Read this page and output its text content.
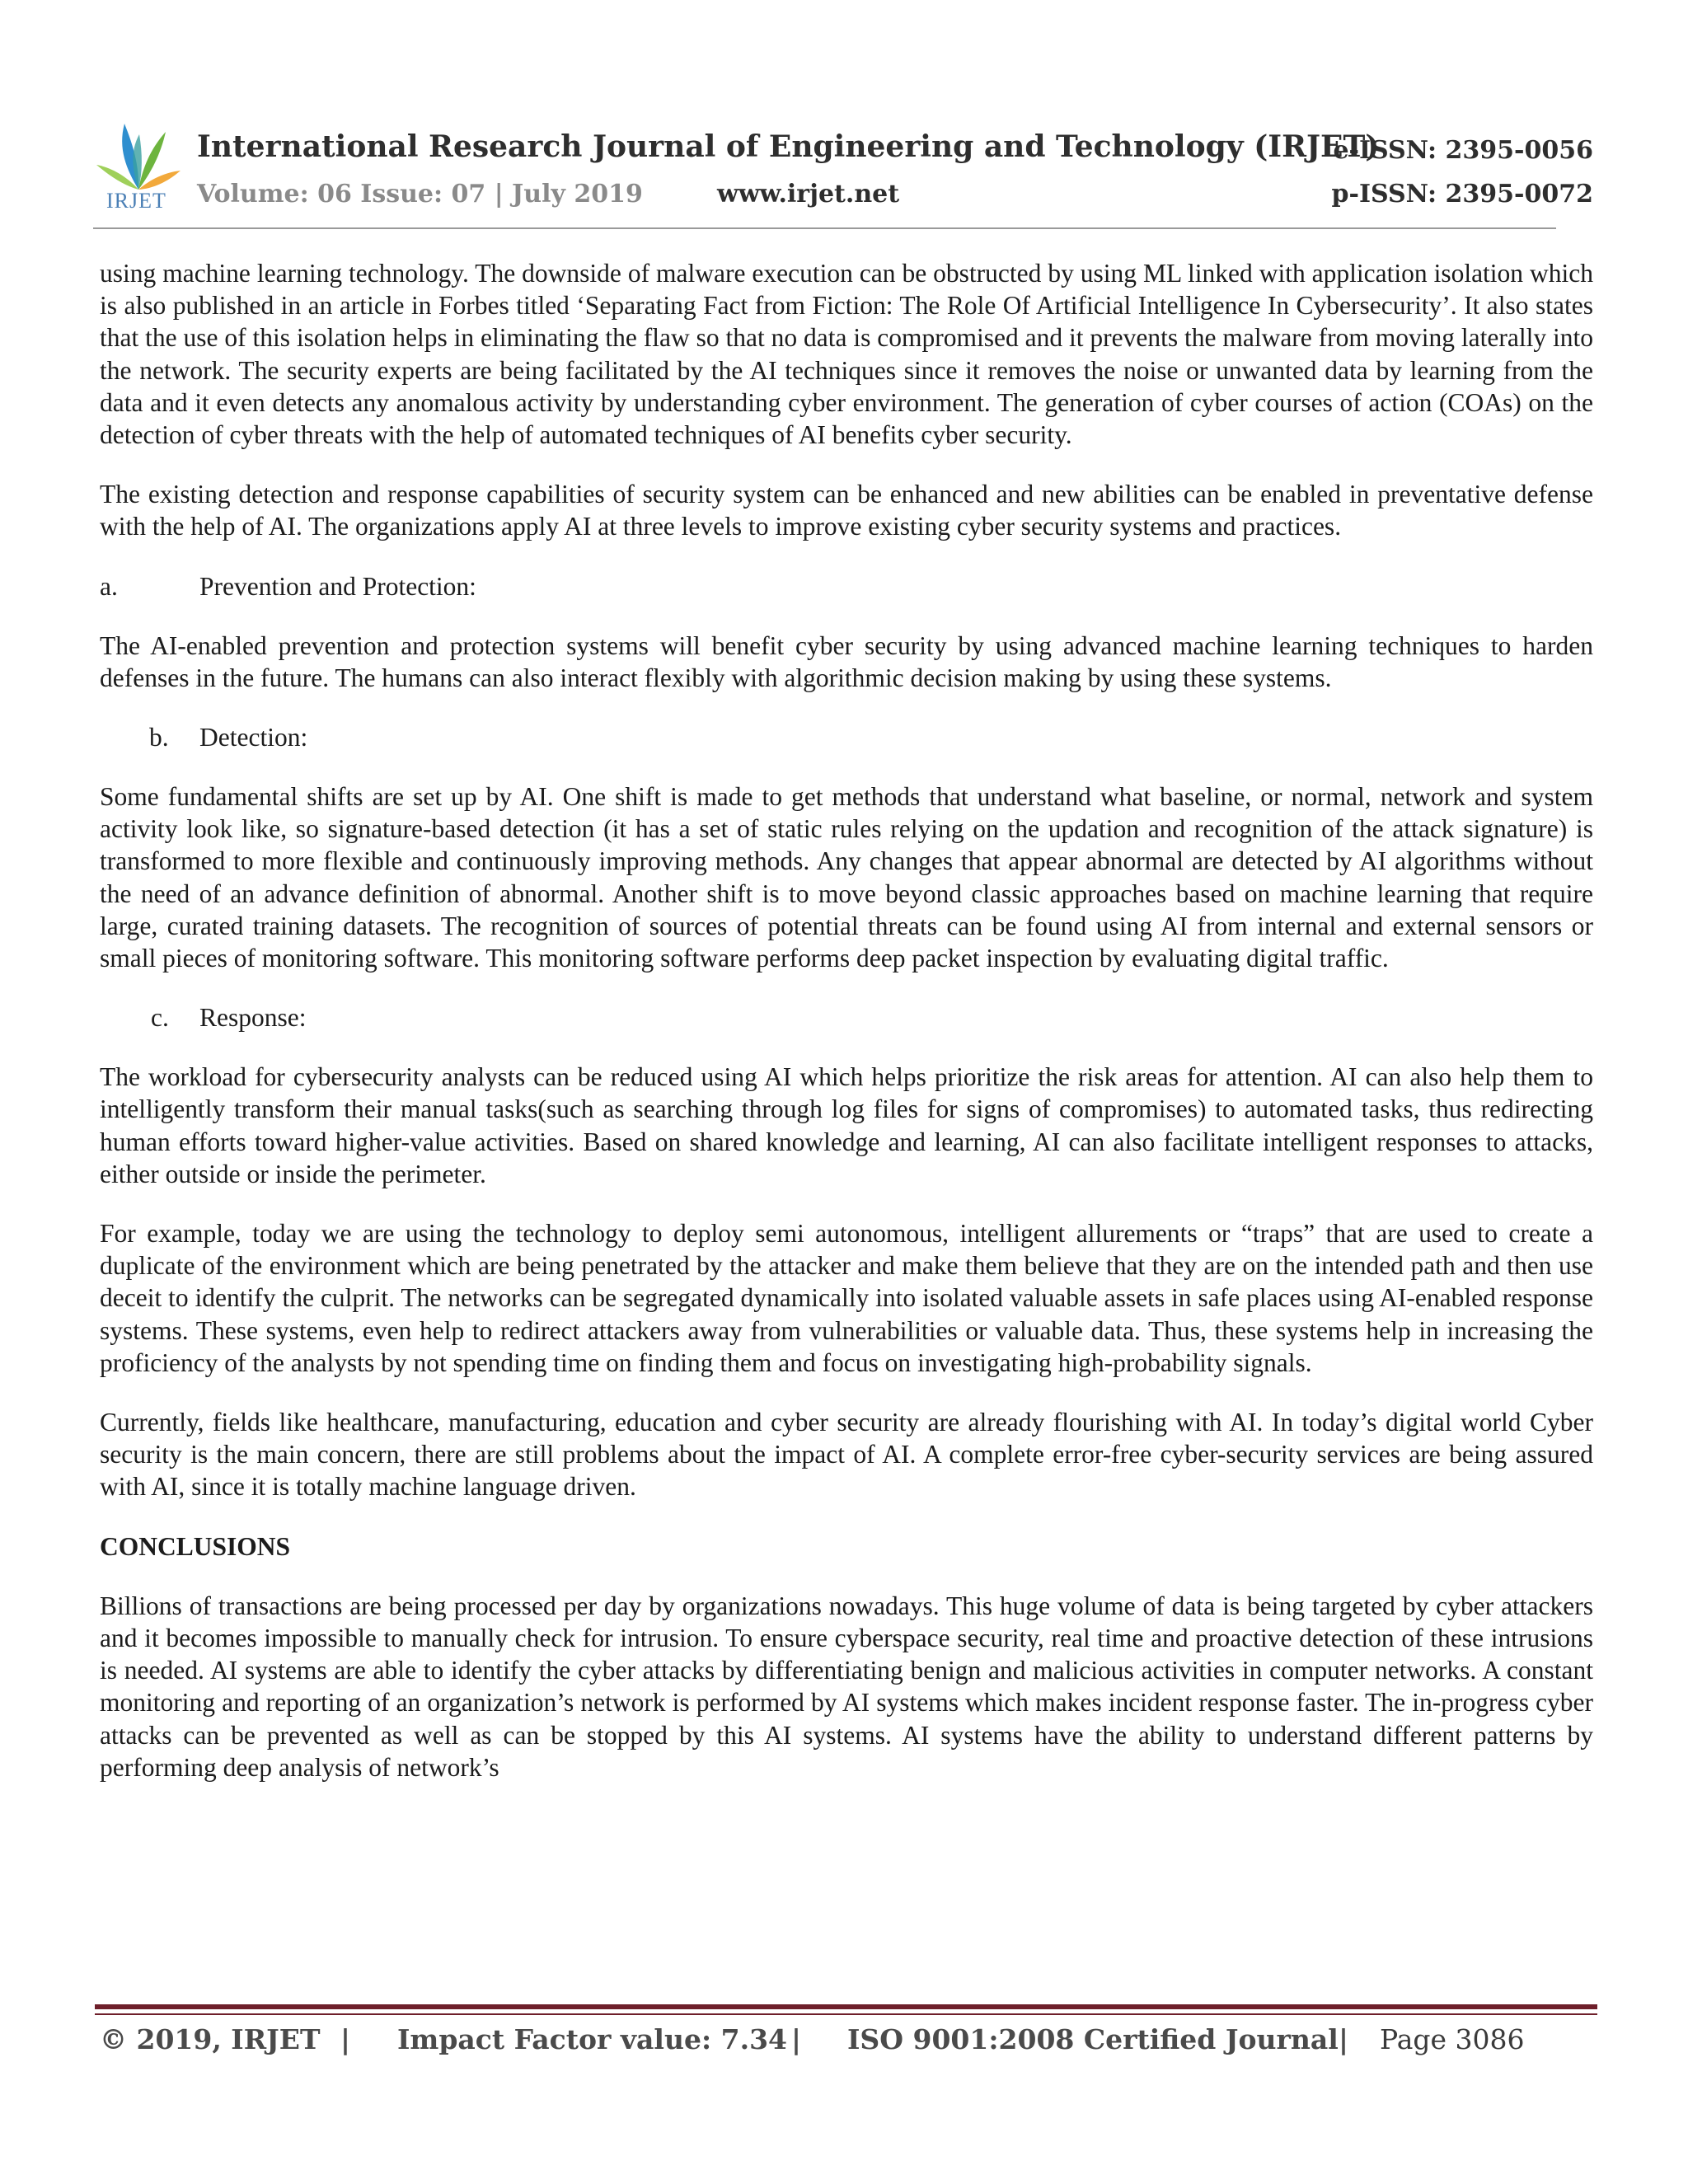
IRJET
International Research Journal of Engineering and Technology (IRJET)
Volume: 06 Issue: 07 | July 2019	www.irjet.net
e-ISSN: 2395-0056
p-ISSN: 2395-0072

using machine learning technology. The downside of malware execution can be obstructed by using ML linked with application isolation which is also published in an article in Forbes titled ‘Separating Fact from Fiction: The Role Of Artificial Intelligence In Cybersecurity’. It also states that the use of this isolation helps in eliminating the flaw so that no data is compromised and it prevents the malware from moving laterally into the network. The security experts are being facilitated by the AI techniques since it removes the noise or unwanted data by learning from the data and it even detects any anomalous activity by understanding cyber environment. The generation of cyber courses of action (COAs) on the detection of cyber threats with the help of automated techniques of AI benefits cyber security.

The existing detection and response capabilities of security system can be enhanced and new abilities can be enabled in preventative defense with the help of AI. The organizations apply AI at three levels to improve existing cyber security systems and practices.

a.	Prevention and Protection:

The AI-enabled prevention and protection systems will benefit cyber security by using advanced machine learning techniques to harden defenses in the future. The humans can also interact flexibly with algorithmic decision making by using these systems.

b. Detection:

Some fundamental shifts are set up by AI. One shift is made to get methods that understand what baseline, or normal, network and system activity look like, so signature-based detection (it has a set of static rules relying on the updation and recognition of the attack signature) is transformed to more flexible and continuously improving methods. Any changes that appear abnormal are detected by AI algorithms without the need of an advance definition of abnormal. Another shift is to move beyond classic approaches based on machine learning that require large, curated training datasets. The recognition of sources of potential threats can be found using AI from internal and external sensors or small pieces of monitoring software. This monitoring software performs deep packet inspection by evaluating digital traffic.

c. Response:

The workload for cybersecurity analysts can be reduced using AI which helps prioritize the risk areas for attention. AI can also help them to intelligently transform their manual tasks(such as searching through log files for signs of compromises) to automated tasks, thus redirecting human efforts toward higher-value activities. Based on shared knowledge and learning, AI can also facilitate intelligent responses to attacks, either outside or inside the perimeter.

For example, today we are using the technology to deploy semi autonomous, intelligent allurements or “traps” that are used to create a duplicate of the environment which are being penetrated by the attacker and make them believe that they are on the intended path and then use deceit to identify the culprit. The networks can be segregated dynamically into isolated valuable assets in safe places using AI-enabled response systems. These systems, even help to redirect attackers away from vulnerabilities or valuable data. Thus, these systems help in increasing the proficiency of the analysts by not spending time on finding them and focus on investigating high-probability signals.

Currently, fields like healthcare, manufacturing, education and cyber security are already flourishing with AI. In today’s digital world Cyber security is the main concern, there are still problems about the impact of AI. A complete error-free cyber-security services are being assured with AI, since it is totally machine language driven.

CONCLUSIONS

Billions of transactions are being processed per day by organizations nowadays. This huge volume of data is being targeted by cyber attackers and it becomes impossible to manually check for intrusion. To ensure cyberspace security, real time and proactive detection of these intrusions is needed. AI systems are able to identify the cyber attacks by differentiating benign and malicious activities in computer networks. A constant monitoring and reporting of an organization’s network is performed by AI systems which makes incident response faster. The in-progress cyber attacks can be prevented as well as can be stopped by this AI systems. AI systems have the ability to understand different patterns by performing deep analysis of network’s

© 2019, IRJET | Impact Factor value: 7.34 | ISO 9001:2008 Certified Journal | Page 3086
